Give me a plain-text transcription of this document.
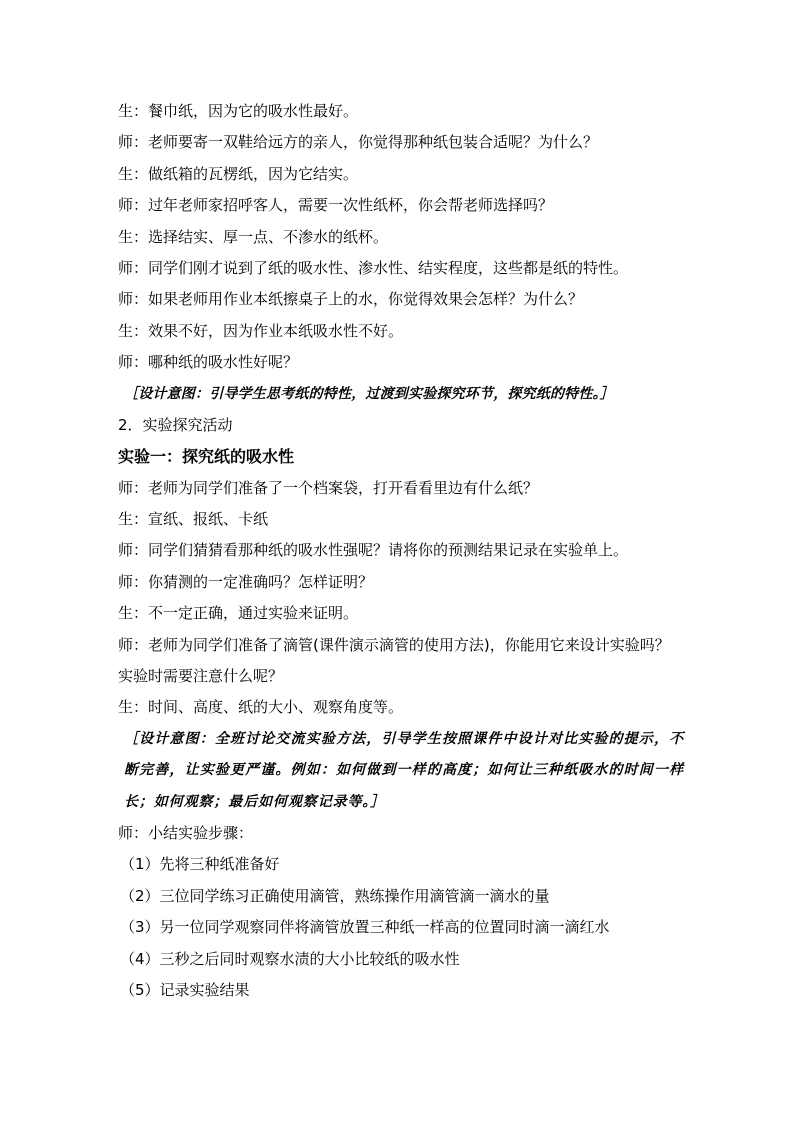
生：餐巾纸，因为它的吸水性最好。
师：老师要寄一双鞋给远方的亲人，你觉得那种纸包装合适呢？为什么？
生：做纸箱的瓦楞纸，因为它结实。
师：过年老师家招呼客人，需要一次性纸杯，你会帮老师选择吗？
生：选择结实、厚一点、不渗水的纸杯。
师：同学们刚才说到了纸的吸水性、渗水性、结实程度，这些都是纸的特性。
师：如果老师用作业本纸擦桌子上的水，你觉得效果会怎样？为什么？
生：效果不好，因为作业本纸吸水性不好。
师：哪种纸的吸水性好呢？
［设计意图：引导学生思考纸的特性，过渡到实验探究环节，探究纸的特性。］
2．实验探究活动
实验一：探究纸的吸水性
师：老师为同学们准备了一个档案袋，打开看看里边有什么纸？
生：宣纸、报纸、卡纸
师：同学们猜猜看那种纸的吸水性强呢？请将你的预测结果记录在实验单上。
师：你猜测的一定准确吗？怎样证明？
生：不一定正确，通过实验来证明。
师：老师为同学们准备了滴管(课件演示滴管的使用方法)，你能用它来设计实验吗？实验时需要注意什么呢？
生：时间、高度、纸的大小、观察角度等。
［设计意图：全班讨论交流实验方法，引导学生按照课件中设计对比实验的提示，不断完善，让实验更严谨。例如：如何做到一样的高度；如何让三种纸吸水的时间一样长；如何观察；最后如何观察记录等。］
师：小结实验步骤：
（1）先将三种纸准备好
（2）三位同学练习正确使用滴管，熟练操作用滴管滴一滴水的量
（3）另一位同学观察同伴将滴管放置三种纸一样高的位置同时滴一滴红水
（4）三秒之后同时观察水渍的大小比较纸的吸水性
（5）记录实验结果
